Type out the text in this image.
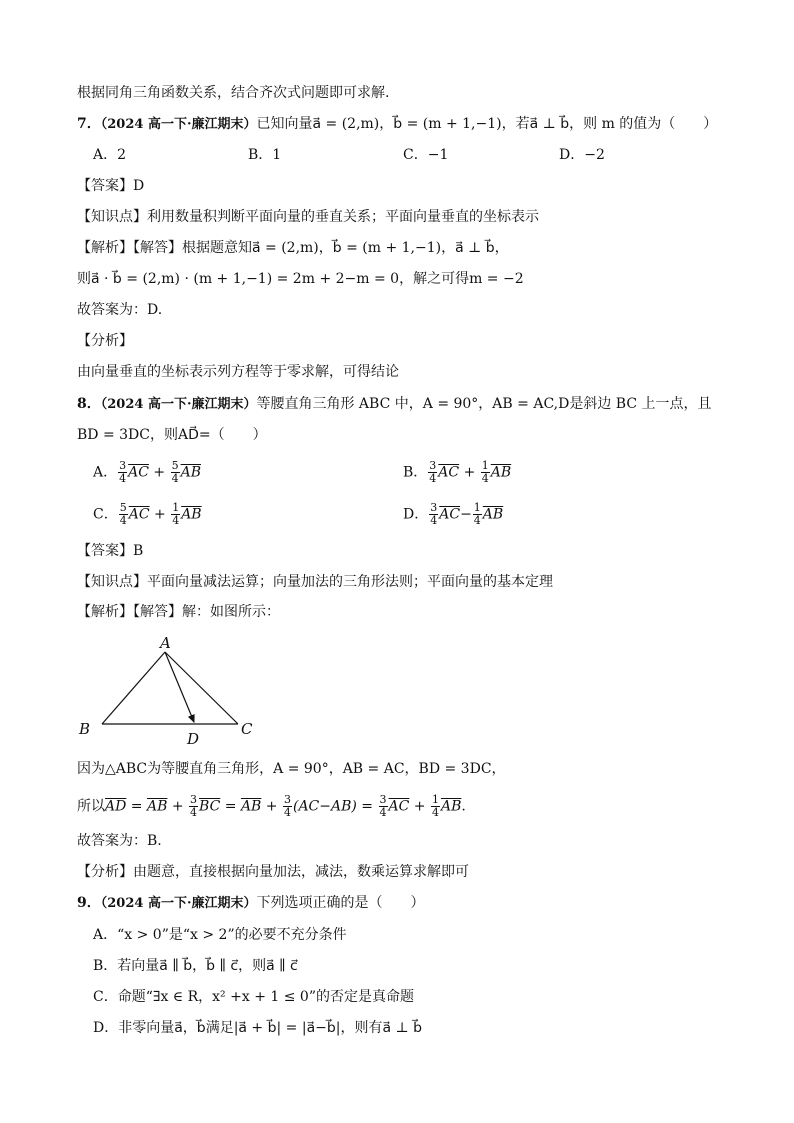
根据同角三角函数关系，结合齐次式问题即可求解.
7．（2024 高一下·廉江期末）已知向量a⃗ = (2,m)，b⃗ = (m + 1,−1)，若a⃗ ⊥ b⃗，则 m 的值为（　　）
A．2	B．1	C．−1	D．−2
【答案】D
【知识点】利用数量积判断平面向量的垂直关系；平面向量垂直的坐标表示
【解析】【解答】根据题意知a⃗ = (2,m)，b⃗ = (m + 1,−1)，a⃗ ⊥ b⃗，
则a⃗ · b⃗ = (2,m) · (m + 1,−1) = 2m + 2−m = 0，解之可得m = −2
故答案为：D.
【分析】
由向量垂直的坐标表示列方程等于零求解，可得结论
8．（2024 高一下·廉江期末）等腰直角三角形 ABC 中，A = 90°，AB = AC,D是斜边 BC 上一点，且
BD = 3DC，则AD⃗=（　　）
A． $\frac{3}{4} \overline{AC} + \frac{5}{4} \overline{AB}$	B． $\frac{3}{4} \overline{AC} + \frac{1}{4} \overline{AB}$
C． $\frac{5}{4} \overline{AC} + \frac{1}{4} \overline{AB}$	D． $\frac{3}{4} \overline{AC}- \frac{1}{4} \overline{AB}$
【答案】B
【知识点】平面向量减法运算；向量加法的三角形法则；平面向量的基本定理
【解析】【解答】解：如图所示：
A
B	C
D
因为△ABC为等腰直角三角形，A = 90°，AB = AC，BD = 3DC，
所以$\overline{AD} = \overline{AB} + \frac{3}{4} \overline{BC} = \overline{AB} + \frac{3}{4} (AC-AB) = \frac{3}{4} \overline{AC} + \frac{1}{4} \overline{AB}$.
故答案为：B.
【分析】由题意，直接根据向量加法，减法，数乘运算求解即可
9．（2024 高一下·廉江期末）下列选项正确的是（　　）
A．“x > 0”是“x > 2”的必要不充分条件
B．若向量a⃗ ∥ b⃗，b⃗ ∥ c⃗，则a⃗ ∥ c⃗
C．命题“∃x ∈ R，x² +x + 1 ≤ 0”的否定是真命题
D．非零向量a⃗，b⃗满足|a⃗ + b⃗| = |a⃗−b⃗|，则有a⃗ ⊥ b⃗
